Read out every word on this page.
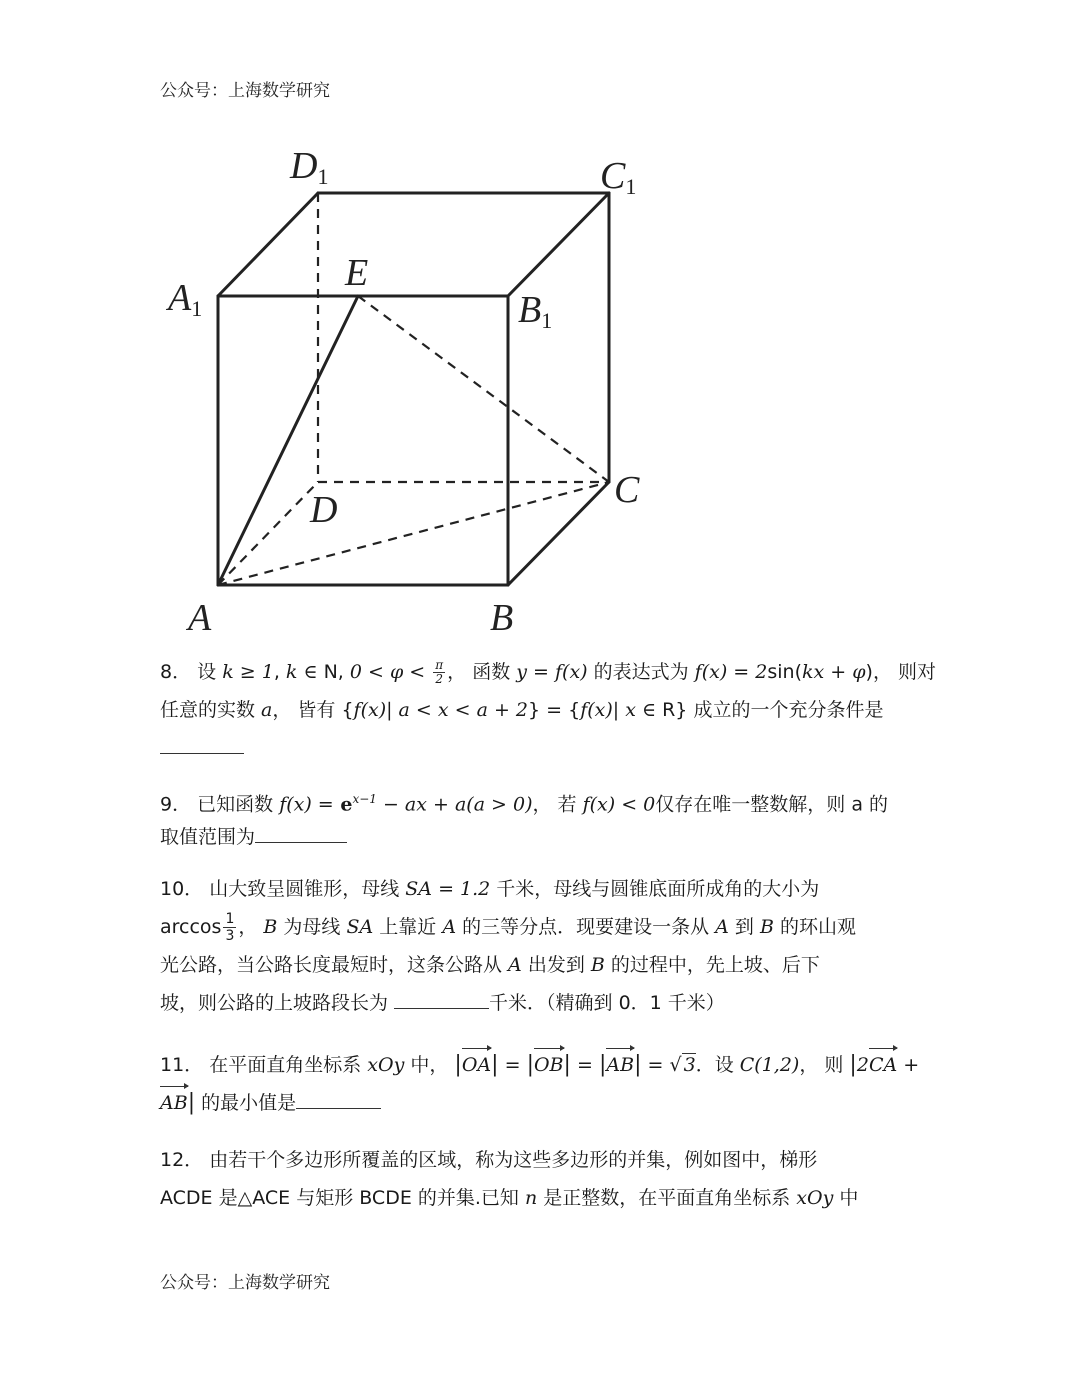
公众号：上海数学研究
D1	C1
A1
E
B1
C
D
A	B
8． 设 k ≥ 1, k ∈ N, $0 < \varphi < \frac{\pi}{2}$ ， 函数 y = f(x) 的表达式为 f(x) = 2sin(kx + φ)， 则对
任意的实数 a， 皆有 {f(x)| a < x < a + 2} = {f(x)| x ∈ R} 成立的一个充分条件是
9． 已知函数 $f(x) = e^{x-1}$ − ax + a(a > 0)， 若 f(x) < 0仅存在唯一整数解，则 a 的
取值范围为
10． 山大致呈圆锥形，母线 SA = 1.2 千米，母线与圆锥底面所成角的大小为
$\arccos \frac{1}{3}$ ， B 为母线 SA 上靠近 A 的三等分点．现要建设一条从 A 到 B 的环山观
光公路，当公路长度最短时，这条公路从 A 出发到 B 的过程中，先上坡、后下
坡，则公路的上坡路段长为	千米．（精确到 0．1 千米）
11． 在平面直角坐标系 xOy 中， |OA| = |OB| = |AB| = √ 3．设 C(1,2)， 则 |2CA +
AB| 的最小值是
12． 由若干个多边形所覆盖的区域，称为这些多边形的并集，例如图中，梯形
ACDE 是△ACE 与矩形 BCDE 的并集.已知 n 是正整数，在平面直角坐标系 xOy 中
公众号：上海数学研究
